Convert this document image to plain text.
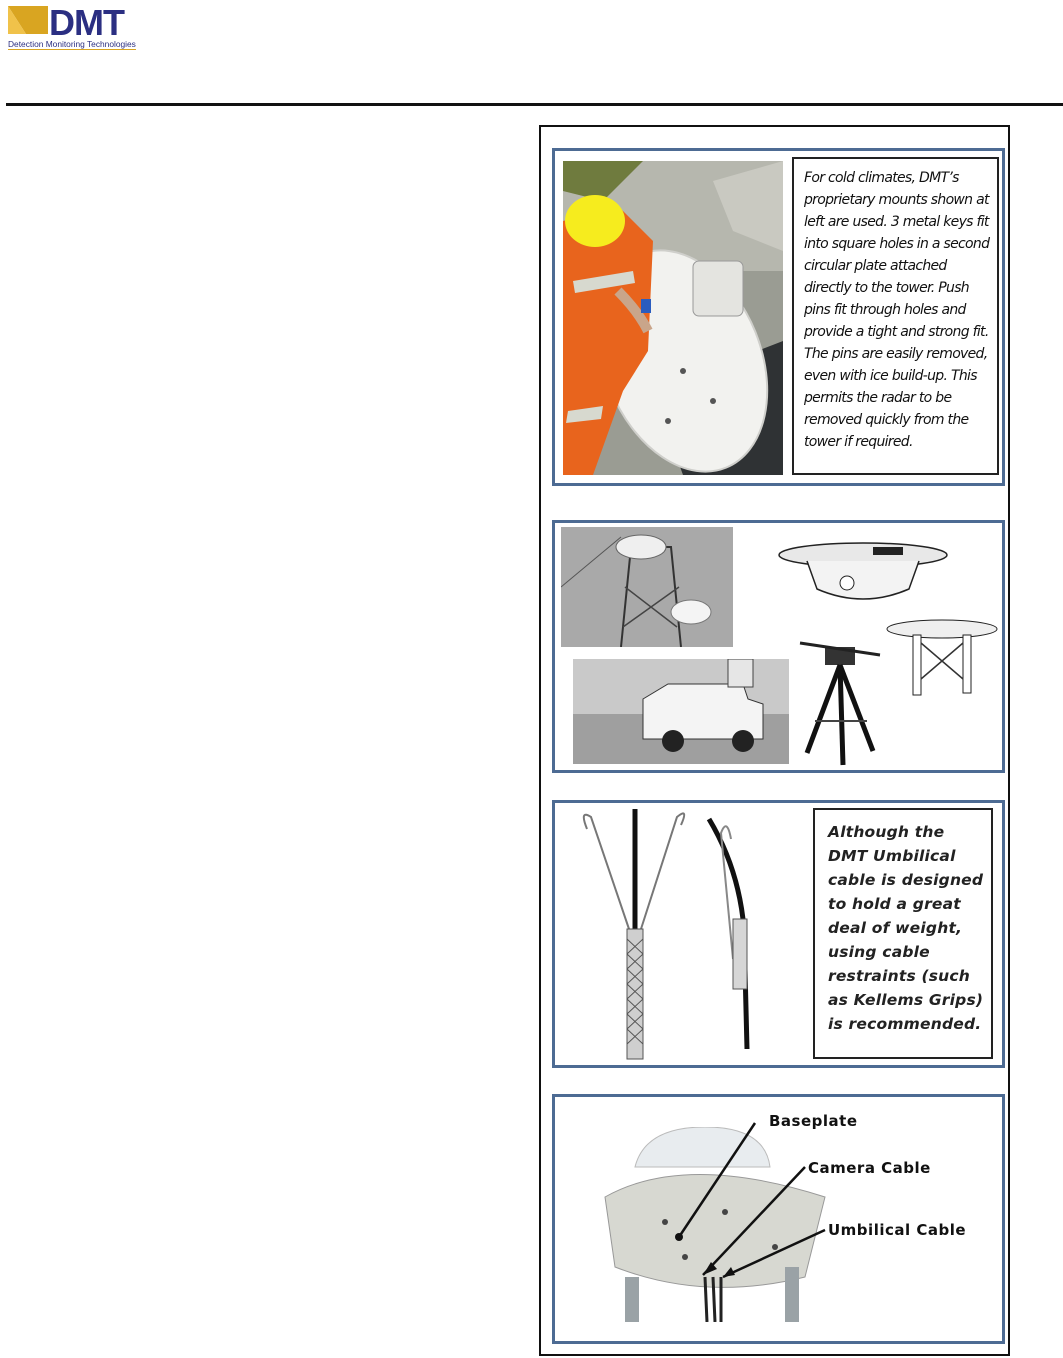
DMT
Detection Monitoring Technologies
For cold climates, DMT’s proprietary mounts shown at left are used. 3 metal keys fit into square holes in a second circular plate attached directly to the tower. Push pins fit through holes and provide a tight and strong fit. The pins are easily removed, even with ice build-up. This permits the radar to be removed quickly from the tower if required.
Although the DMT Umbilical cable is designed to hold a great deal of weight, using cable restraints (such as Kellems Grips) is recommended.
Baseplate
Camera Cable
Umbilical Cable
